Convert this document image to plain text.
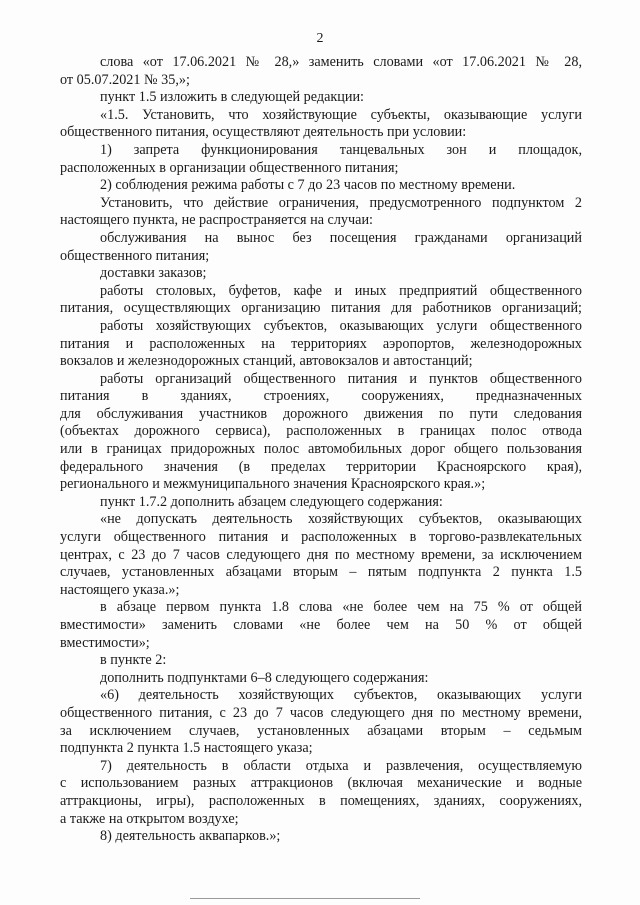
2
слова «от 17.06.2021 № 28,» заменить словами «от 17.06.2021 № 28,
от 05.07.2021 № 35,»;
пункт 1.5 изложить в следующей редакции:
«1.5. Установить, что хозяйствующие субъекты, оказывающие услуги
общественного питания, осуществляют деятельность при условии:
1) запрета функционирования танцевальных зон и площадок,
расположенных в организации общественного питания;
2) соблюдения режима работы с 7 до 23 часов по местному времени.
Установить, что действие ограничения, предусмотренного подпунктом 2
настоящего пункта, не распространяется на случаи:
обслуживания на вынос без посещения гражданами организаций
общественного питания;
доставки заказов;
работы столовых, буфетов, кафе и иных предприятий общественного
питания, осуществляющих организацию питания для работников организаций;
работы хозяйствующих субъектов, оказывающих услуги общественного
питания и расположенных на территориях аэропортов, железнодорожных
вокзалов и железнодорожных станций, автовокзалов и автостанций;
работы организаций общественного питания и пунктов общественного
питания в зданиях, строениях, сооружениях, предназначенных
для обслуживания участников дорожного движения по пути следования
(объектах дорожного сервиса), расположенных в границах полос отвода
или в границах придорожных полос автомобильных дорог общего пользования
федерального значения (в пределах территории Красноярского края),
регионального и межмуниципального значения Красноярского края.»;
пункт 1.7.2 дополнить абзацем следующего содержания:
«не допускать деятельность хозяйствующих субъектов, оказывающих
услуги общественного питания и расположенных в торгово-развлекательных
центрах, с 23 до 7 часов следующего дня по местному времени, за исключением
случаев, установленных абзацами вторым – пятым подпункта 2 пункта 1.5
настоящего указа.»;
в абзаце первом пункта 1.8 слова «не более чем на 75 % от общей
вместимости» заменить словами «не более чем на 50 % от общей
вместимости»;
в пункте 2:
дополнить подпунктами 6–8 следующего содержания:
«6) деятельность хозяйствующих субъектов, оказывающих услуги
общественного питания, с 23 до 7 часов следующего дня по местному времени,
за исключением случаев, установленных абзацами вторым – седьмым
подпункта 2 пункта 1.5 настоящего указа;
7) деятельность в области отдыха и развлечения, осуществляемую
с использованием разных аттракционов (включая механические и водные
аттракционы, игры), расположенных в помещениях, зданиях, сооружениях,
а также на открытом воздухе;
8) деятельность аквапарков.»;
